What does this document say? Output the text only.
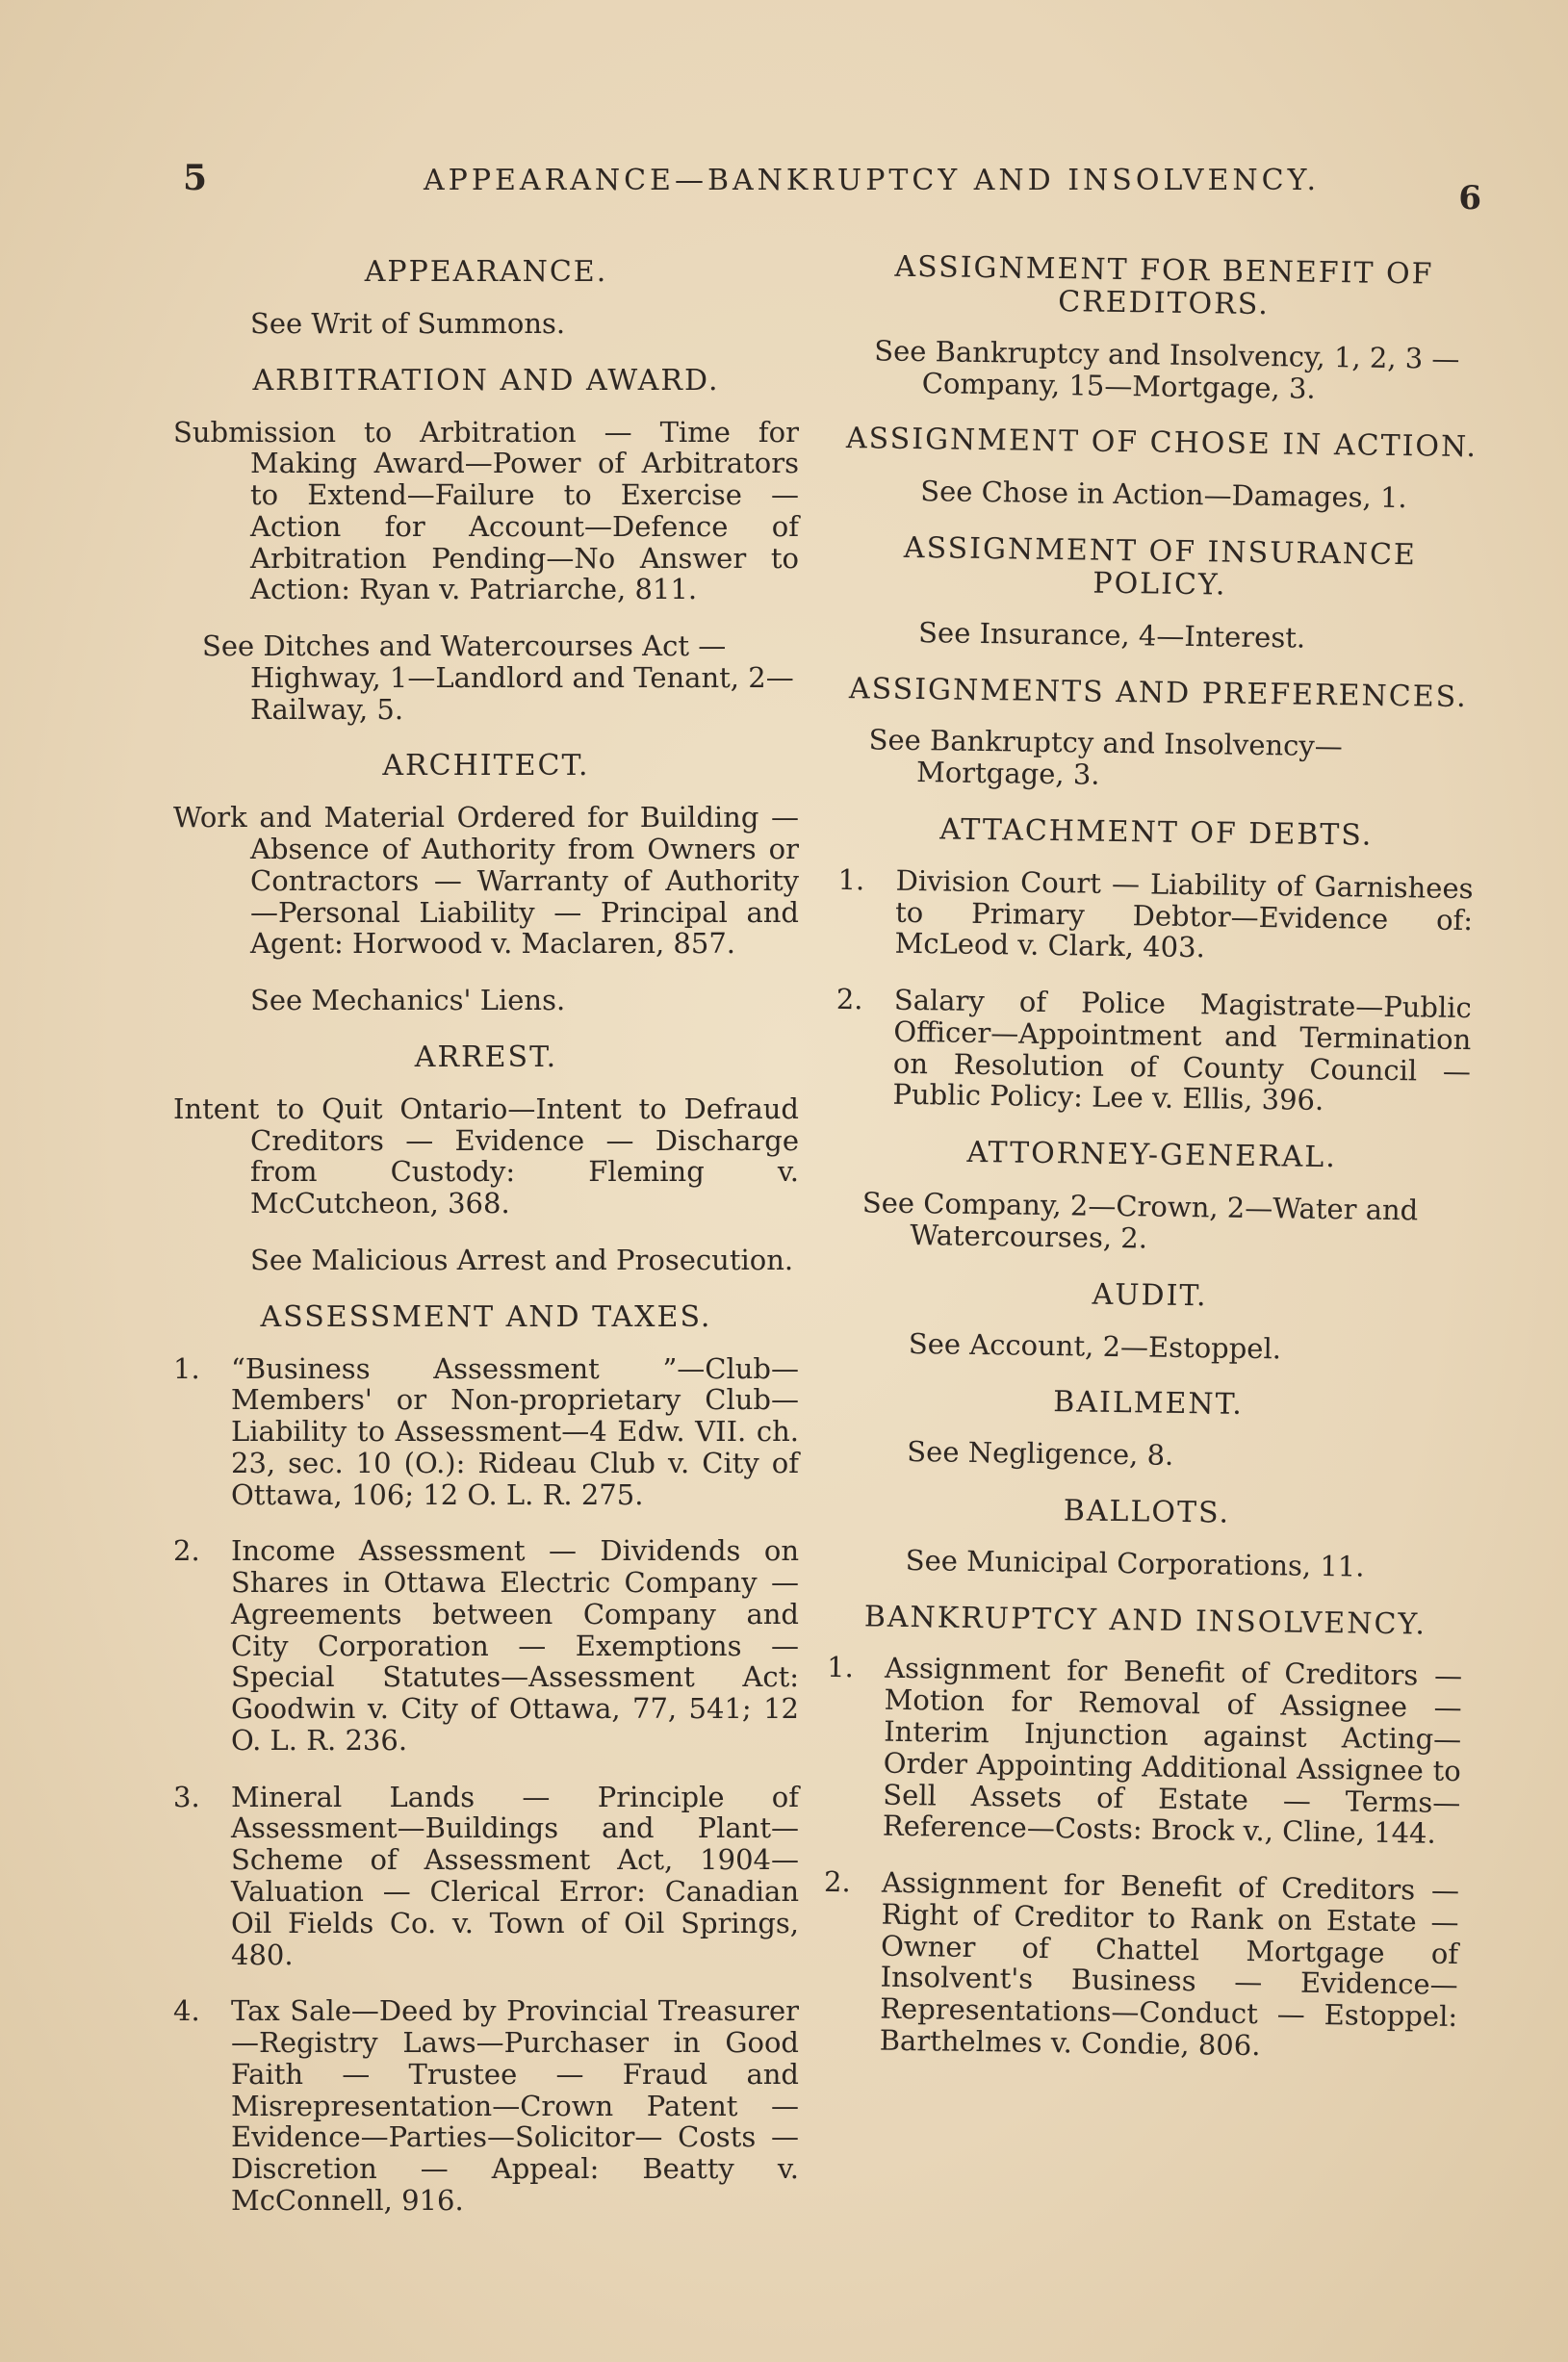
5	APPEARANCE—BANKRUPTCY AND INSOLVENCY.	6
APPEARANCE.
See Writ of Summons.
ARBITRATION AND AWARD.
Submission to Arbitration — Time for Making Award—Power of Arbitrators to Extend—Failure to Exercise —Action for Account—Defence of Arbitration Pending—No Answer to Action: Ryan v. Patriarche, 811.
See Ditches and Watercourses Act — Highway, 1—Landlord and Tenant, 2—Railway, 5.
ARCHITECT.
Work and Material Ordered for Building —Absence of Authority from Owners or Contractors — Warranty of Authority—Personal Liability — Principal and Agent: Horwood v. Maclaren, 857.
See Mechanics' Liens.
ARREST.
Intent to Quit Ontario—Intent to Defraud Creditors — Evidence — Discharge from Custody: Fleming v. McCutcheon, 368.
See Malicious Arrest and Prosecution.
ASSESSMENT AND TAXES.
1. “Business Assessment ”—Club—Members' or Non-proprietary Club—Liability to Assessment—4 Edw. VII. ch. 23, sec. 10 (O.): Rideau Club v. City of Ottawa, 106; 12 O. L. R. 275.
2. Income Assessment — Dividends on Shares in Ottawa Electric Company —Agreements between Company and City Corporation — Exemptions — Special Statutes—Assessment Act: Goodwin v. City of Ottawa, 77, 541; 12 O. L. R. 236.
3. Mineral Lands — Principle of Assessment—Buildings and Plant—Scheme of Assessment Act, 1904—Valuation — Clerical Error: Canadian Oil Fields Co. v. Town of Oil Springs, 480.
4. Tax Sale—Deed by Provincial Treasurer—Registry Laws—Purchaser in Good Faith — Trustee — Fraud and Misrepresentation—Crown Patent — Evidence—Parties—Solicitor— Costs — Discretion — Appeal: Beatty v. McConnell, 916.
ASSIGNMENT FOR BENEFIT OF CREDITORS.
See Bankruptcy and Insolvency, 1, 2, 3 —Company, 15—Mortgage, 3.
ASSIGNMENT OF CHOSE IN ACTION.
See Chose in Action—Damages, 1.
ASSIGNMENT OF INSURANCE POLICY.
See Insurance, 4—Interest.
ASSIGNMENTS AND PREFERENCES.
See Bankruptcy and Insolvency—Mortgage, 3.
ATTACHMENT OF DEBTS.
1. Division Court — Liability of Garnishees to Primary Debtor—Evidence of: McLeod v. Clark, 403.
2. Salary of Police Magistrate—Public Officer—Appointment and Termination on Resolution of County Council —Public Policy: Lee v. Ellis, 396.
ATTORNEY-GENERAL.
See Company, 2—Crown, 2—Water and Watercourses, 2.
AUDIT.
See Account, 2—Estoppel.
BAILMENT.
See Negligence, 8.
BALLOTS.
See Municipal Corporations, 11.
BANKRUPTCY AND INSOLVENCY.
1. Assignment for Benefit of Creditors —Motion for Removal of Assignee — Interim Injunction against Acting— Order Appointing Additional Assignee to Sell Assets of Estate — Terms—Reference—Costs: Brock v., Cline, 144.
2. Assignment for Benefit of Creditors —Right of Creditor to Rank on Estate —Owner of Chattel Mortgage of Insolvent's Business — Evidence—Representations—Conduct — Estoppel: Barthelmes v. Condie, 806.
